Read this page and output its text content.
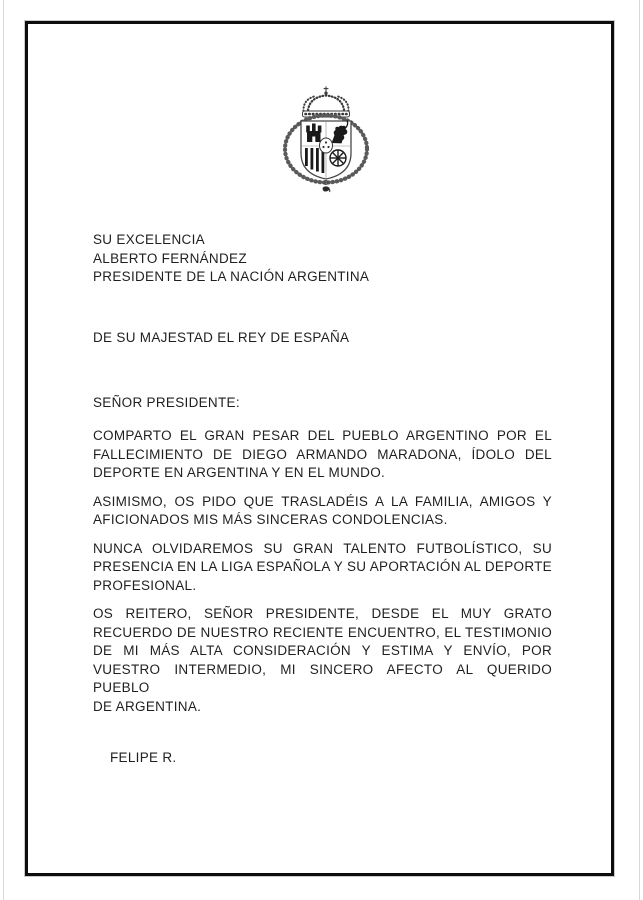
SU EXCELENCIA
ALBERTO FERNÁNDEZ
PRESIDENTE DE LA NACIÓN ARGENTINA
DE SU MAJESTAD EL REY DE ESPAÑA
SEÑOR PRESIDENTE:
COMPARTO EL GRAN PESAR DEL PUEBLO ARGENTINO POR EL
FALLECIMIENTO DE DIEGO ARMANDO MARADONA, ÍDOLO DEL
DEPORTE EN ARGENTINA Y EN EL MUNDO.
ASIMISMO, OS PIDO QUE TRASLADÉIS A LA FAMILIA, AMIGOS Y
AFICIONADOS MIS MÁS SINCERAS CONDOLENCIAS.
NUNCA OLVIDAREMOS SU GRAN TALENTO FUTBOLÍSTICO, SU
PRESENCIA EN LA LIGA ESPAÑOLA Y SU APORTACIÓN AL DEPORTE
PROFESIONAL.
OS REITERO, SEÑOR PRESIDENTE, DESDE EL MUY GRATO
RECUERDO DE NUESTRO RECIENTE ENCUENTRO, EL TESTIMONIO
DE MI MÁS ALTA CONSIDERACIÓN Y ESTIMA Y ENVÍO, POR
VUESTRO INTERMEDIO, MI SINCERO AFECTO AL QUERIDO PUEBLO
DE ARGENTINA.
FELIPE R.
